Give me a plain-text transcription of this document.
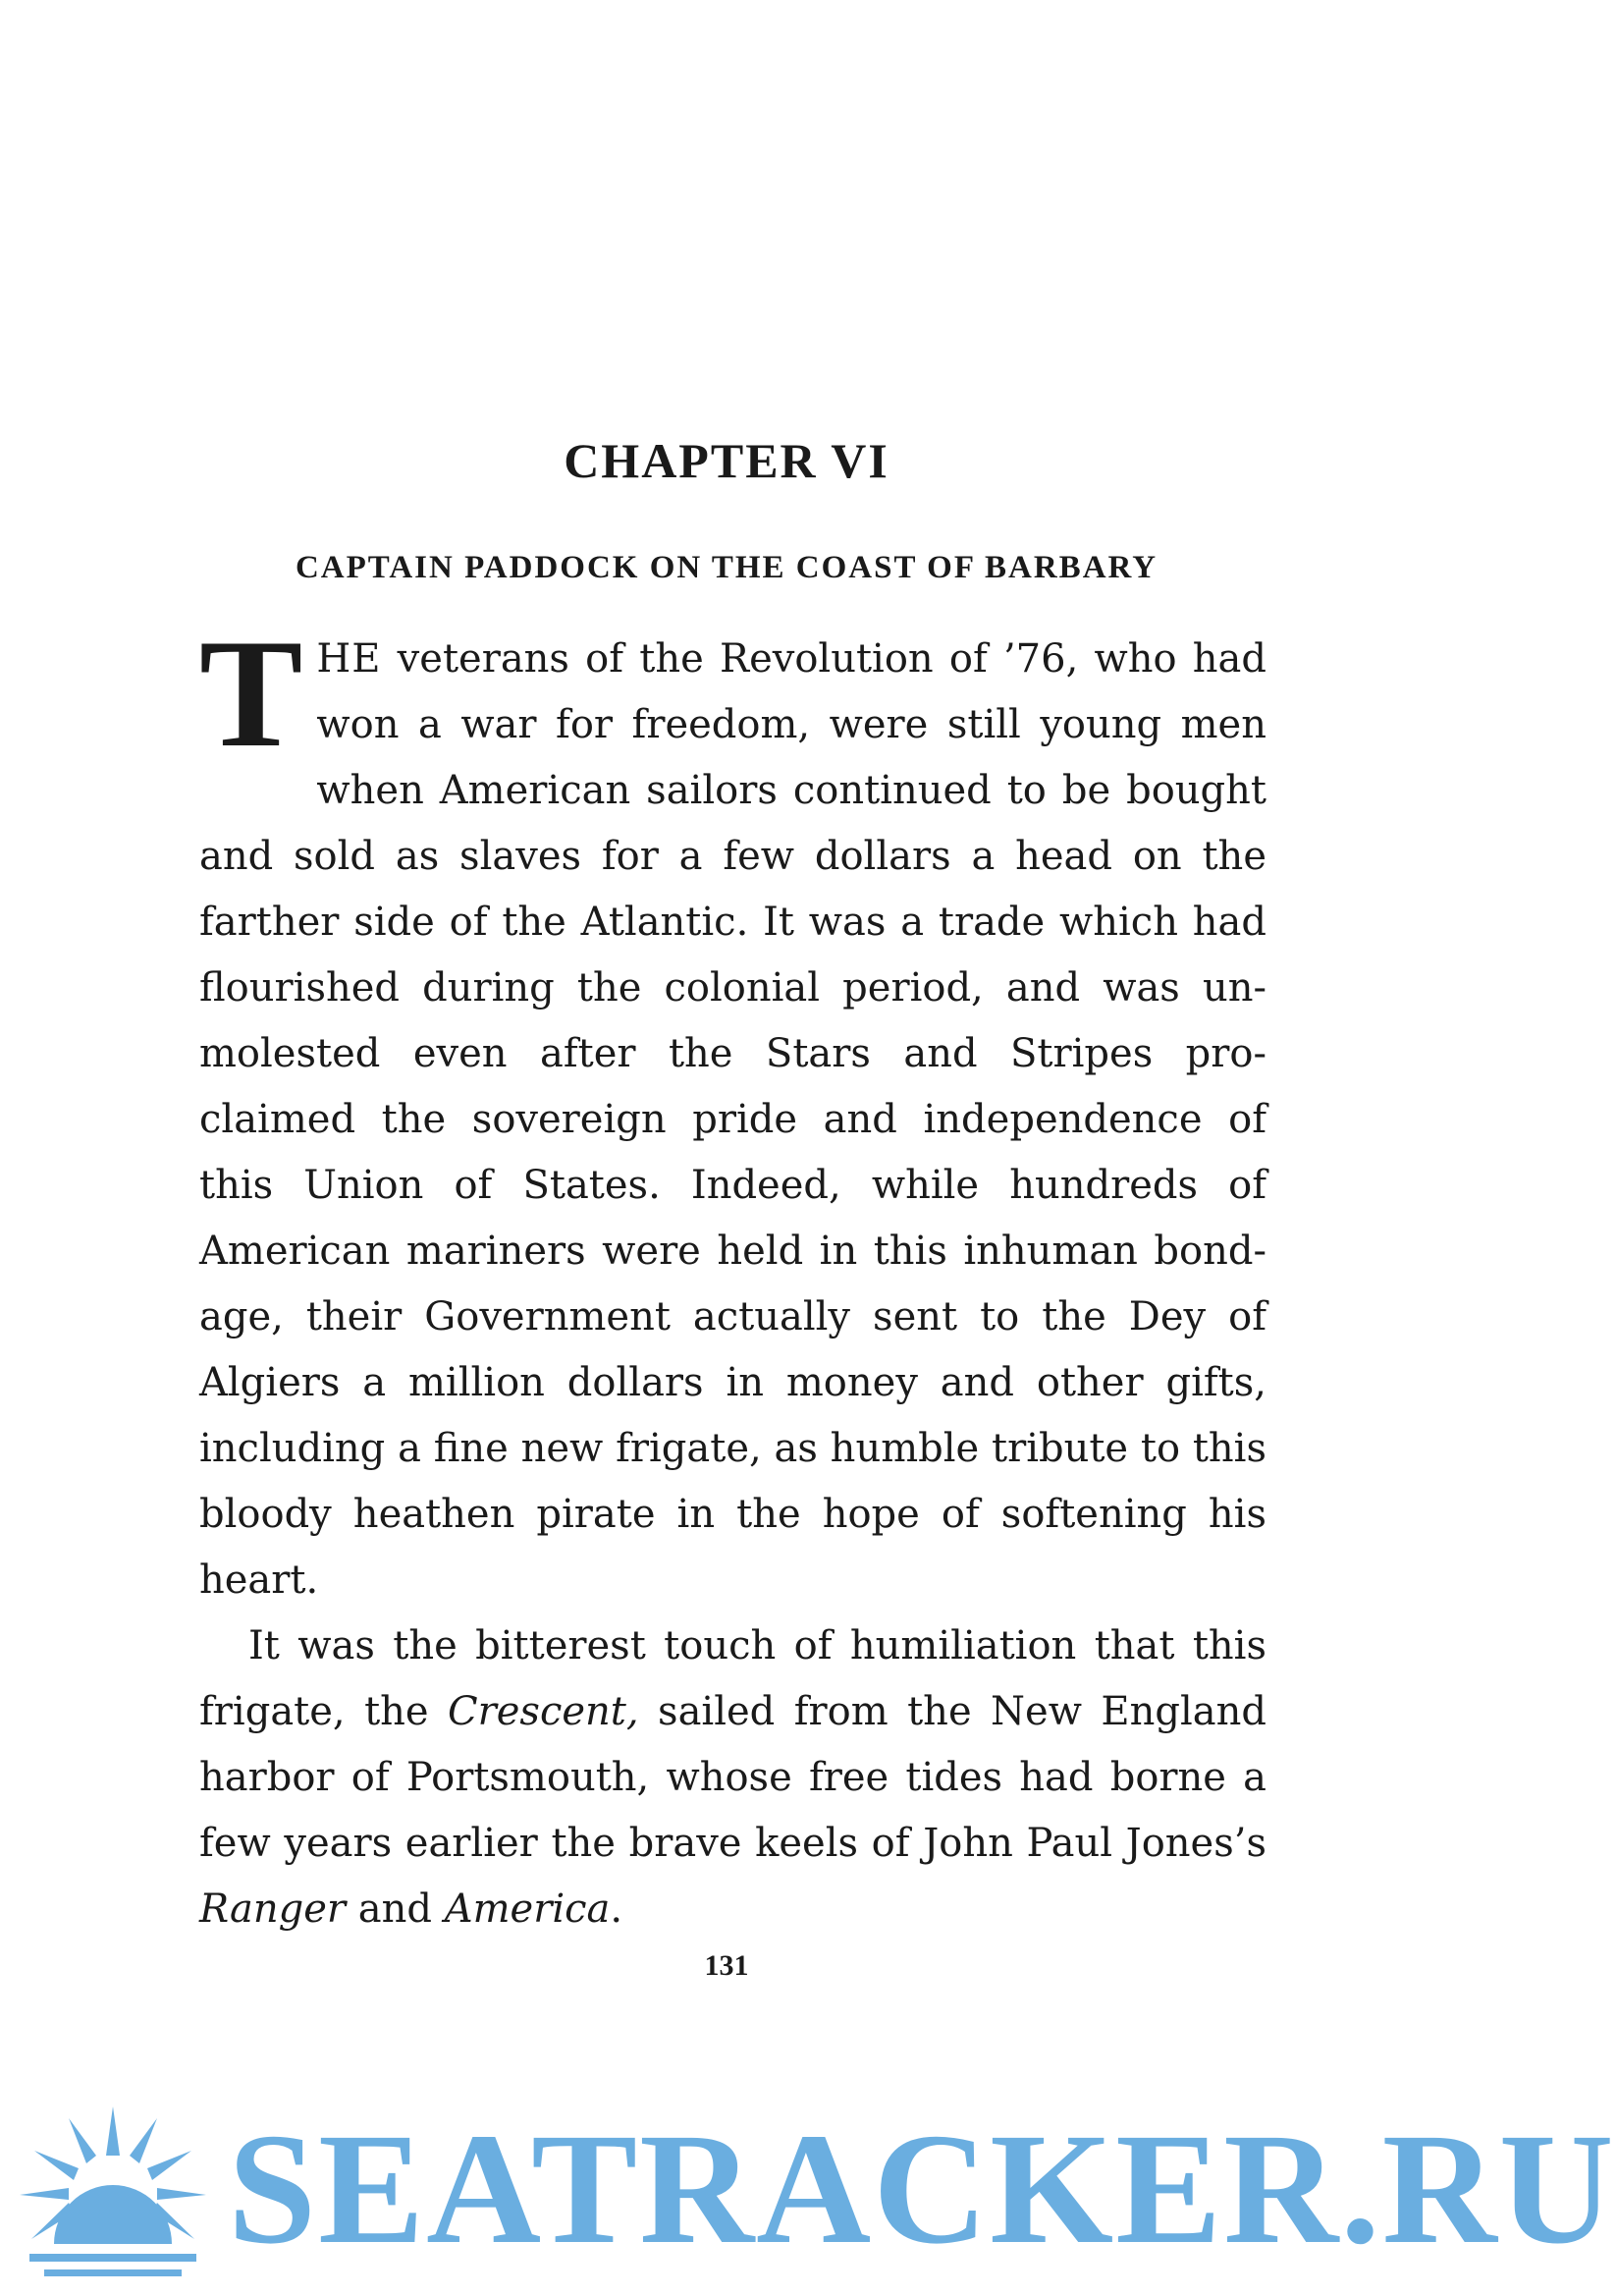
CHAPTER VI
CAPTAIN PADDOCK ON THE COAST OF BARBARY

THE veterans of the Revolution of ’76, who had won a war for freedom, were still young men when American sailors continued to be bought and sold as slaves for a few dollars a head on the farther side of the Atlantic. It was a trade which had flourished during the colonial period, and was unmolested even after the Stars and Stripes proclaimed the sovereign pride and independence of this Union of States. Indeed, while hundreds of American mariners were held in this inhuman bondage, their Government actually sent to the Dey of Algiers a million dollars in money and other gifts, including a fine new frigate, as humble tribute to this bloody heathen pirate in the hope of softening his heart.

It was the bitterest touch of humiliation that this frigate, the Crescent, sailed from the New England harbor of Portsmouth, whose free tides had borne a few years earlier the brave keels of John Paul Jones’s Ranger and America.

131
SEATRACKER.RU
